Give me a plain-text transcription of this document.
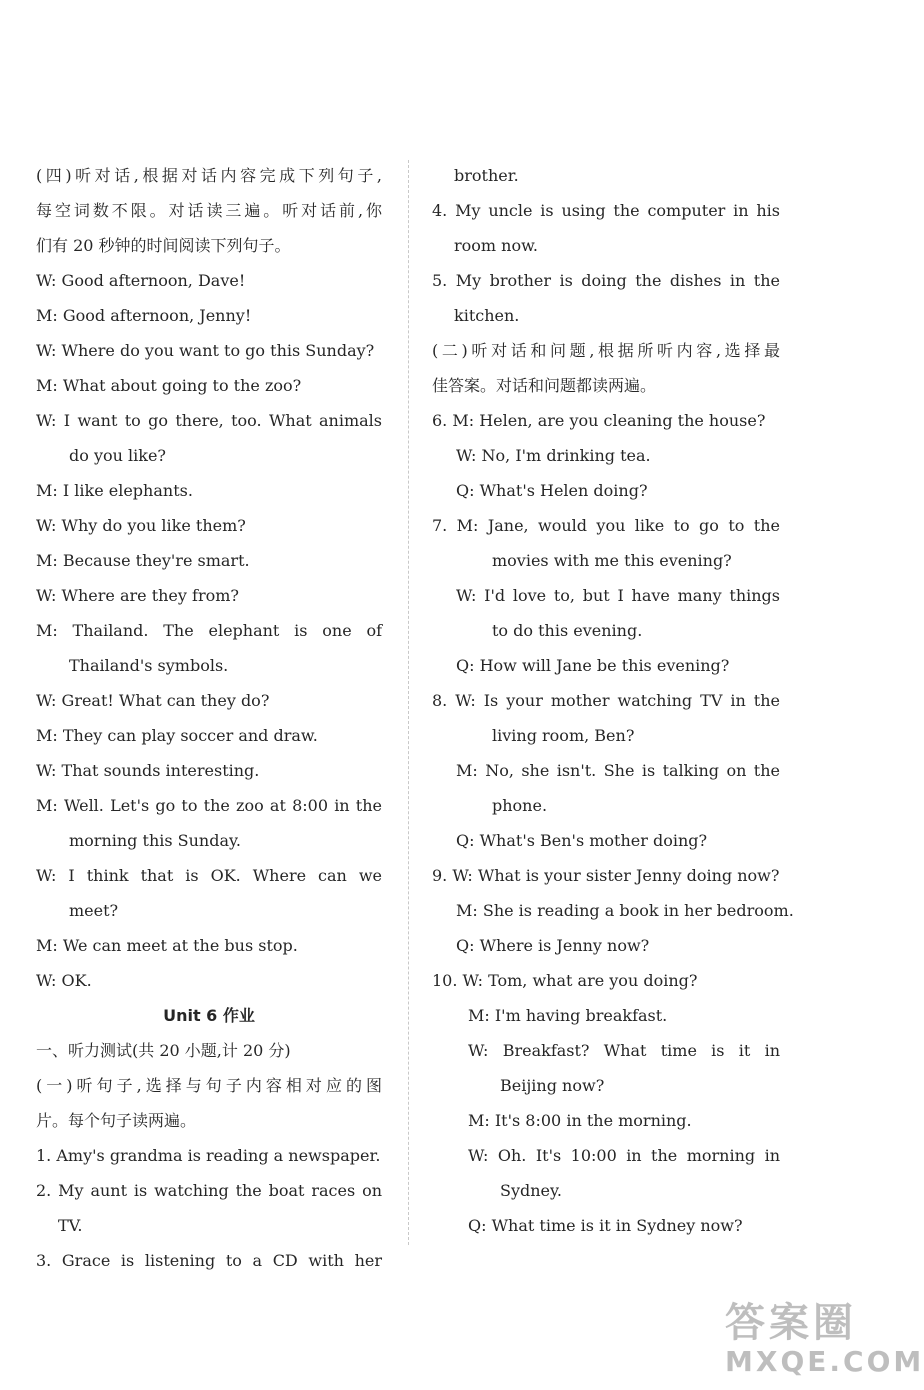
(四)听对话,根据对话内容完成下列句子,
每空词数不限。对话读三遍。听对话前,你
们有 20 秒钟的时间阅读下列句子。
W: Good afternoon, Dave!
M: Good afternoon, Jenny!
W: Where do you want to go this Sunday?
M: What about going to the zoo?
W: I want to go there, too. What animals
do you like?
M: I like elephants.
W: Why do you like them?
M: Because they're smart.
W: Where are they from?
M: Thailand. The elephant is one of
Thailand's symbols.
W: Great! What can they do?
M: They can play soccer and draw.
W: That sounds interesting.
M: Well. Let's go to the zoo at 8:00 in the
morning this Sunday.
W: I think that is OK. Where can we
meet?
M: We can meet at the bus stop.
W: OK.
Unit 6 作业
一、听力测试(共 20 小题,计 20 分)
(一)听句子,选择与句子内容相对应的图
片。每个句子读两遍。
1. Amy's grandma is reading a newspaper.
2. My aunt is watching the boat races on
TV.
3. Grace is listening to a CD with her
brother.
4. My uncle is using the computer in his
room now.
5. My brother is doing the dishes in the
kitchen.
(二)听对话和问题,根据所听内容,选择最
佳答案。对话和问题都读两遍。
6. M: Helen, are you cleaning the house?
W: No, I'm drinking tea.
Q: What's Helen doing?
7. M: Jane, would you like to go to the
movies with me this evening?
W: I'd love to, but I have many things
to do this evening.
Q: How will Jane be this evening?
8. W: Is your mother watching TV in the
living room, Ben?
M: No, she isn't. She is talking on the
phone.
Q: What's Ben's mother doing?
9. W: What is your sister Jenny doing now?
M: She is reading a book in her bedroom.
Q: Where is Jenny now?
10. W: Tom, what are you doing?
M: I'm having breakfast.
W: Breakfast? What time is it in
Beijing now?
M: It's 8:00 in the morning.
W: Oh. It's 10:00 in the morning in
Sydney.
Q: What time is it in Sydney now?
答案圈
MXQE.COM
